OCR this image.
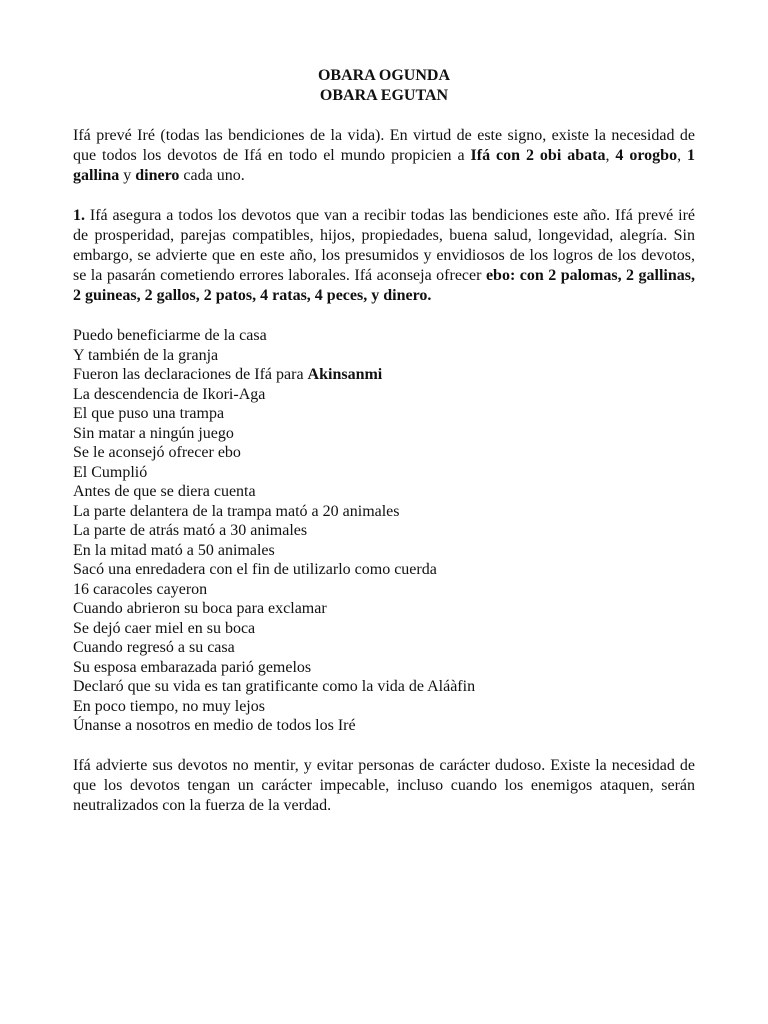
OBARA OGUNDA

OBARA EGUTAN

Ifá prevé Iré (todas las bendiciones de la vida). En virtud de este signo, existe la necesidad de que todos los devotos de Ifá en todo el mundo propicien a Ifá con 2 obi abata, 4 orogbo, 1 gallina y dinero cada uno.

1. Ifá asegura a todos los devotos que van a recibir todas las bendiciones este año. Ifá prevé iré de prosperidad, parejas compatibles, hijos, propiedades, buena salud, longevidad, alegría. Sin embargo, se advierte que en este año, los presumidos y envidiosos de los logros de los devotos, se la pasarán cometiendo errores laborales. Ifá aconseja ofrecer ebo: con 2 palomas, 2 gallinas, 2 guineas, 2 gallos, 2 patos, 4 ratas, 4 peces, y dinero.

Puedo beneficiarme de la casa
Y también de la granja
Fueron las declaraciones de Ifá para Akinsanmi
La descendencia de Ikori-Aga
El que puso una trampa
Sin matar a ningún juego
Se le aconsejó ofrecer ebo
El Cumplió
Antes de que se diera cuenta
La parte delantera de la trampa mató a 20 animales
La parte de atrás mató a 30 animales
En la mitad mató a 50 animales
Sacó una enredadera con el fin de utilizarlo como cuerda
16 caracoles cayeron
Cuando abrieron su boca para exclamar
Se dejó caer miel en su boca
Cuando regresó a su casa
Su esposa embarazada parió gemelos
Declaró que su vida es tan gratificante como la vida de Aláàfin
En poco tiempo, no muy lejos
Únanse a nosotros en medio de todos los Iré

Ifá advierte sus devotos no mentir, y evitar personas de carácter dudoso. Existe la necesidad de que los devotos tengan un carácter impecable, incluso cuando los enemigos ataquen, serán neutralizados con la fuerza de la verdad.
